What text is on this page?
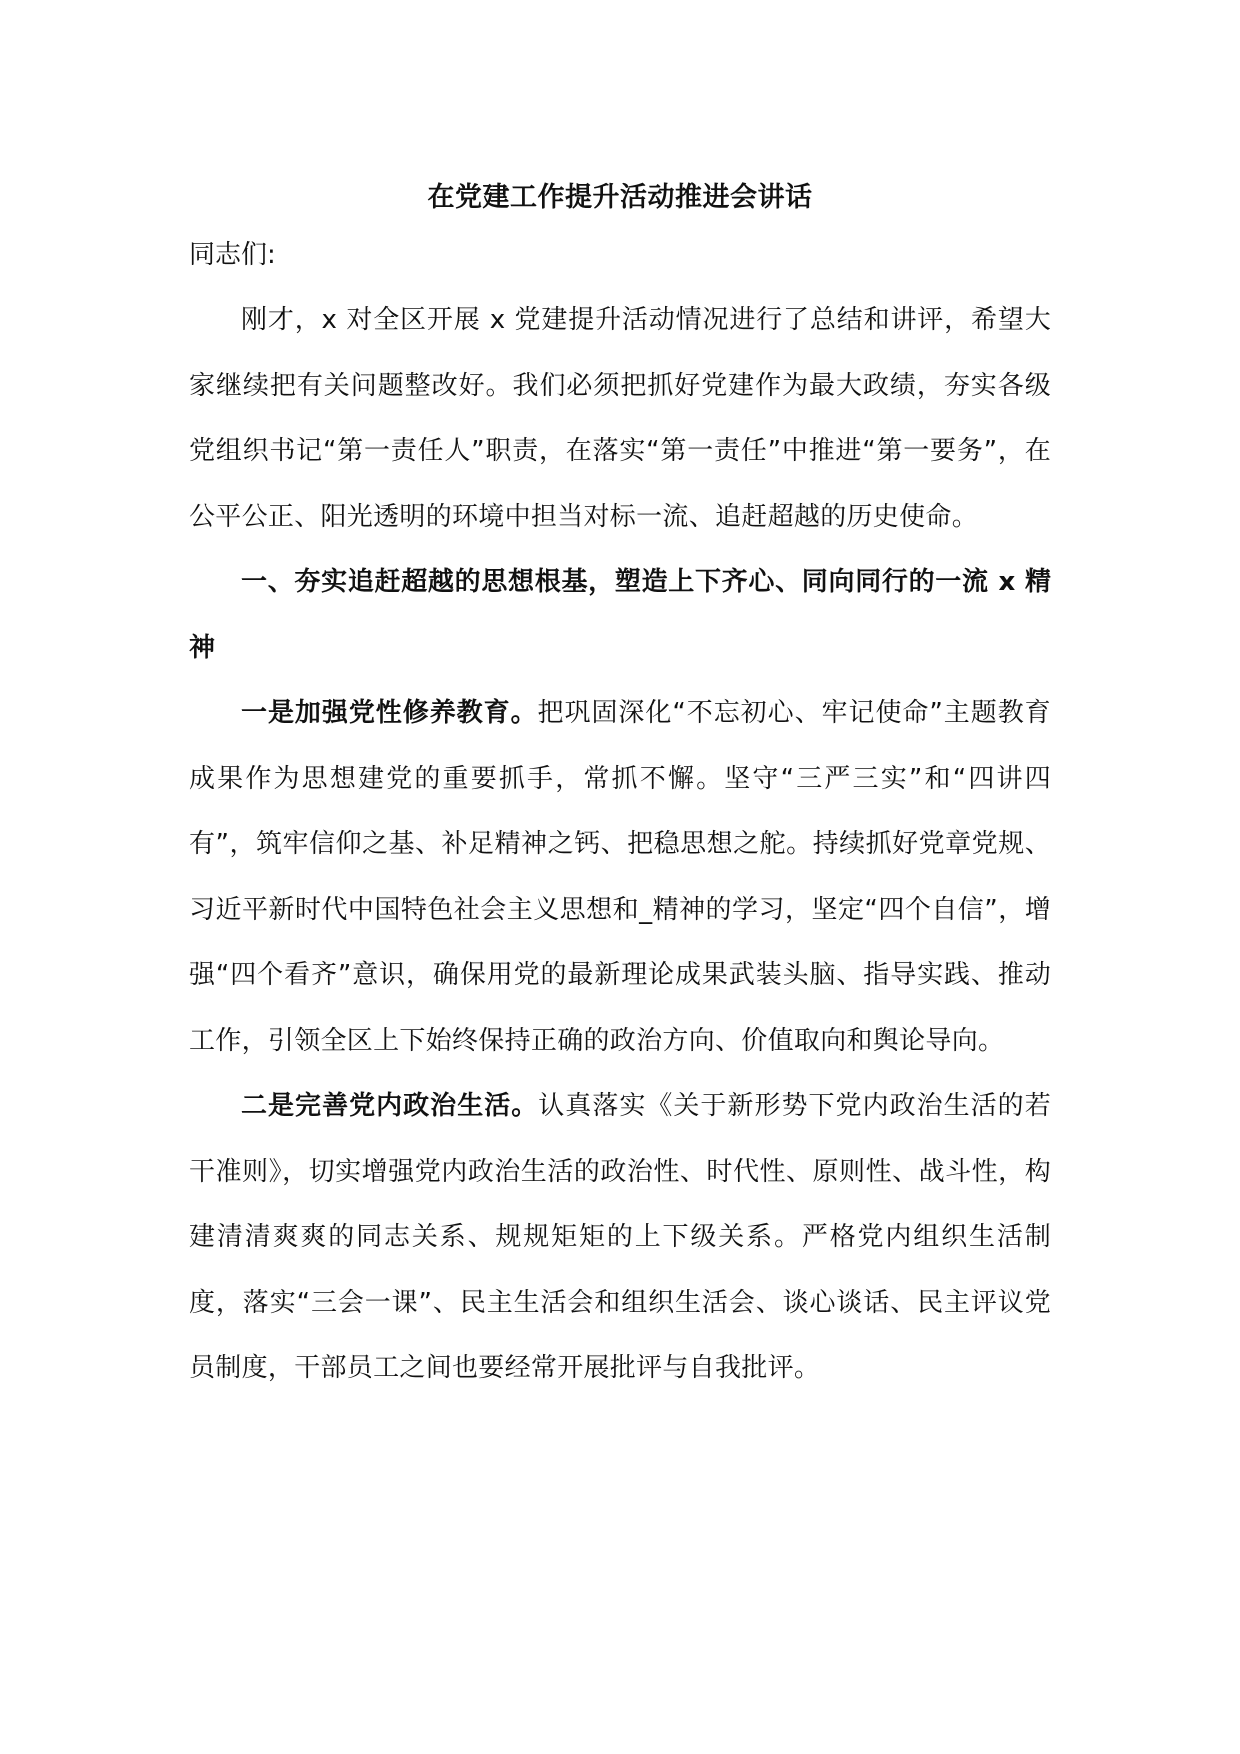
在党建工作提升活动推进会讲话
同志们:

刚才，x 对全区开展 x 党建提升活动情况进行了总结和讲评，希望大家继续把有关问题整改好。我们必须把抓好党建作为最大政绩，夯实各级党组织书记“第一责任人”职责，在落实“第一责任”中推进“第一要务”，在公平公正、阳光透明的环境中担当对标一流、追赶超越的历史使命。

一、夯实追赶超越的思想根基，塑造上下齐心、同向同行的一流 x 精神

一是加强党性修养教育。把巩固深化“不忘初心、牢记使命”主题教育成果作为思想建党的重要抓手，常抓不懈。坚守“三严三实”和“四讲四有”，筑牢信仰之基、补足精神之钙、把稳思想之舵。持续抓好党章党规、习近平新时代中国特色社会主义思想和_精神的学习，坚定“四个自信”，增强“四个看齐”意识，确保用党的最新理论成果武装头脑、指导实践、推动工作，引领全区上下始终保持正确的政治方向、价值取向和舆论导向。

二是完善党内政治生活。认真落实《关于新形势下党内政治生活的若干准则》，切实增强党内政治生活的政治性、时代性、原则性、战斗性，构建清清爽爽的同志关系、规规矩矩的上下级关系。严格党内组织生活制度，落实“三会一课”、民主生活会和组织生活会、谈心谈话、民主评议党员制度，干部员工之间也要经常开展批评与自我批评。
